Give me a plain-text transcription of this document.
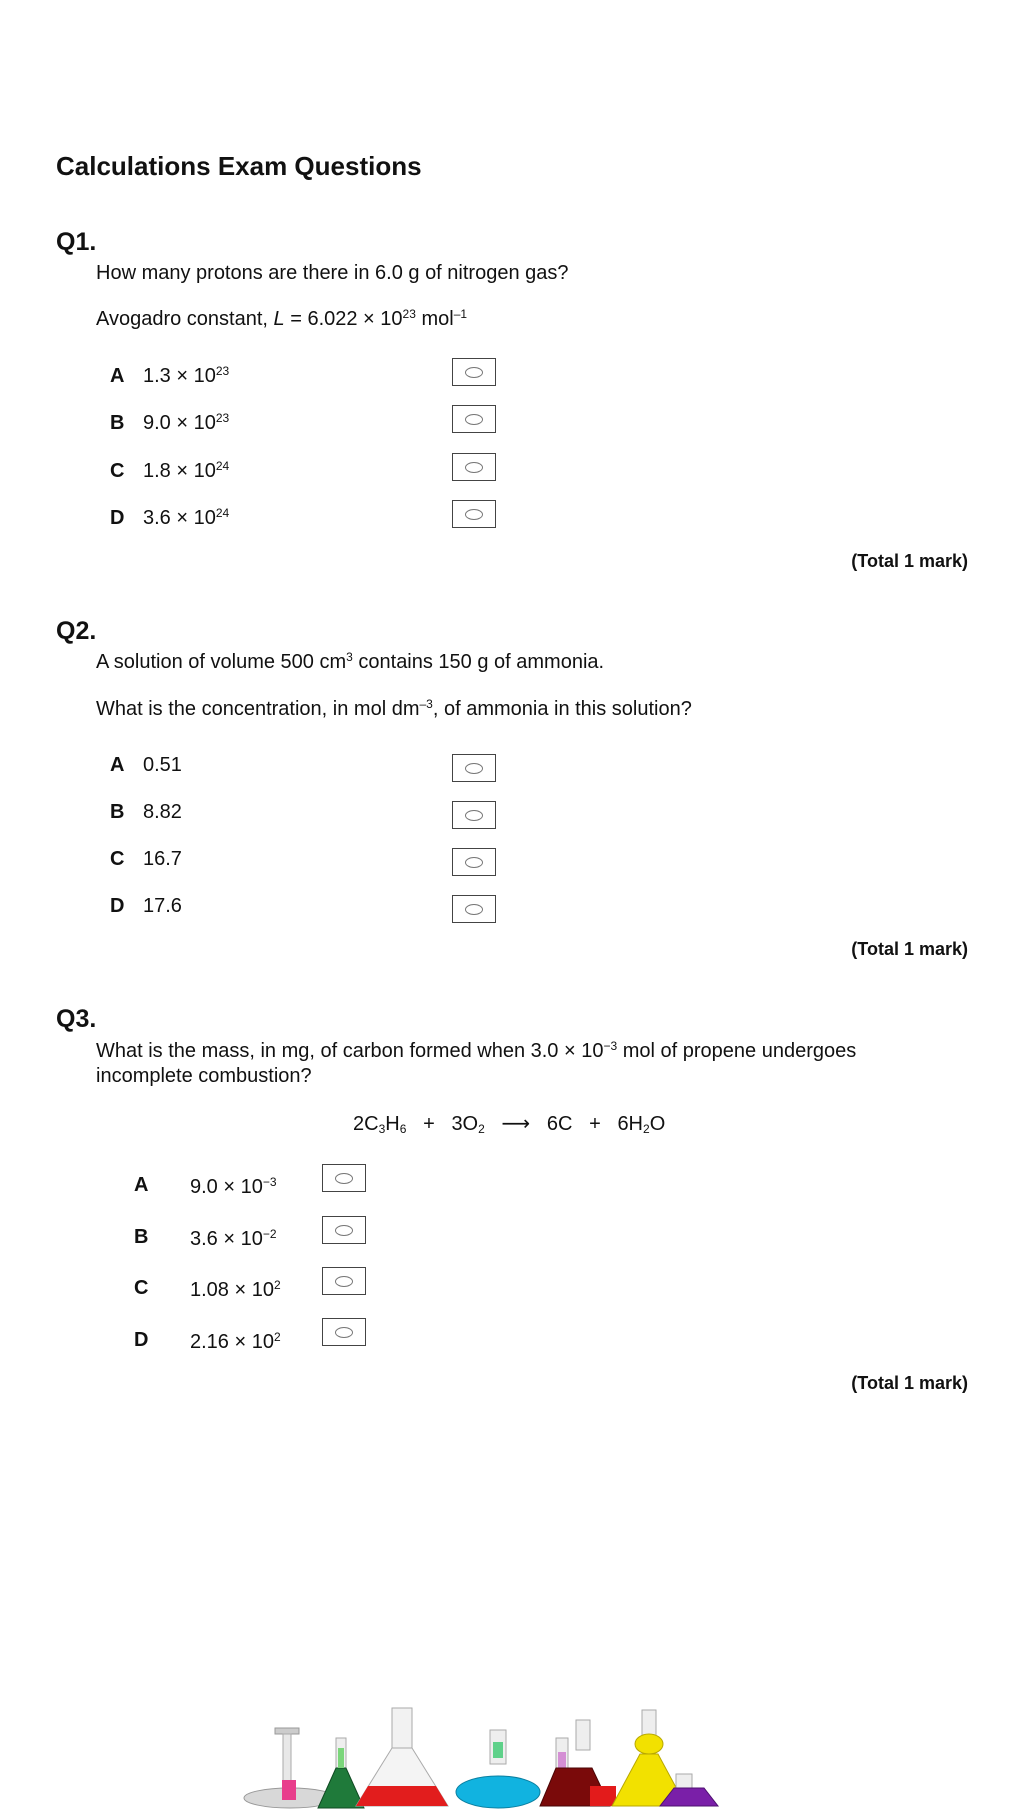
Calculations Exam Questions
Q1.
How many protons are there in 6.0 g of nitrogen gas?
Avogadro constant, $L = 6.022 \times 10^{23}$ mol$^{-1}$
A $1.3 \times 10^{23}$
B $9.0 \times 10^{23}$
C $1.8 \times 10^{24}$
D $3.6 \times 10^{24}$
(Total 1 mark)
Q2.
A solution of volume 500 $cm^3$ contains 150 g of ammonia.
What is the concentration, in mol $dm^{-3}$, of ammonia in this solution?
A 0.51
B 8.82
C 16.7
D 17.6
(Total 1 mark)
Q3.
What is the mass, in mg, of carbon formed when $3.0 \times 10^{-3}$ mol of propene undergoes
incomplete combustion?
$2C_3H_6 + 3O_2$ ⟶ $6C + 6H_2O$
A $9.0 \times 10^{-3}$
B $3.6 \times 10^{-2}$
C $1.08 \times 10^2$
D $2.16 \times 10^2$
(Total 1 mark)
